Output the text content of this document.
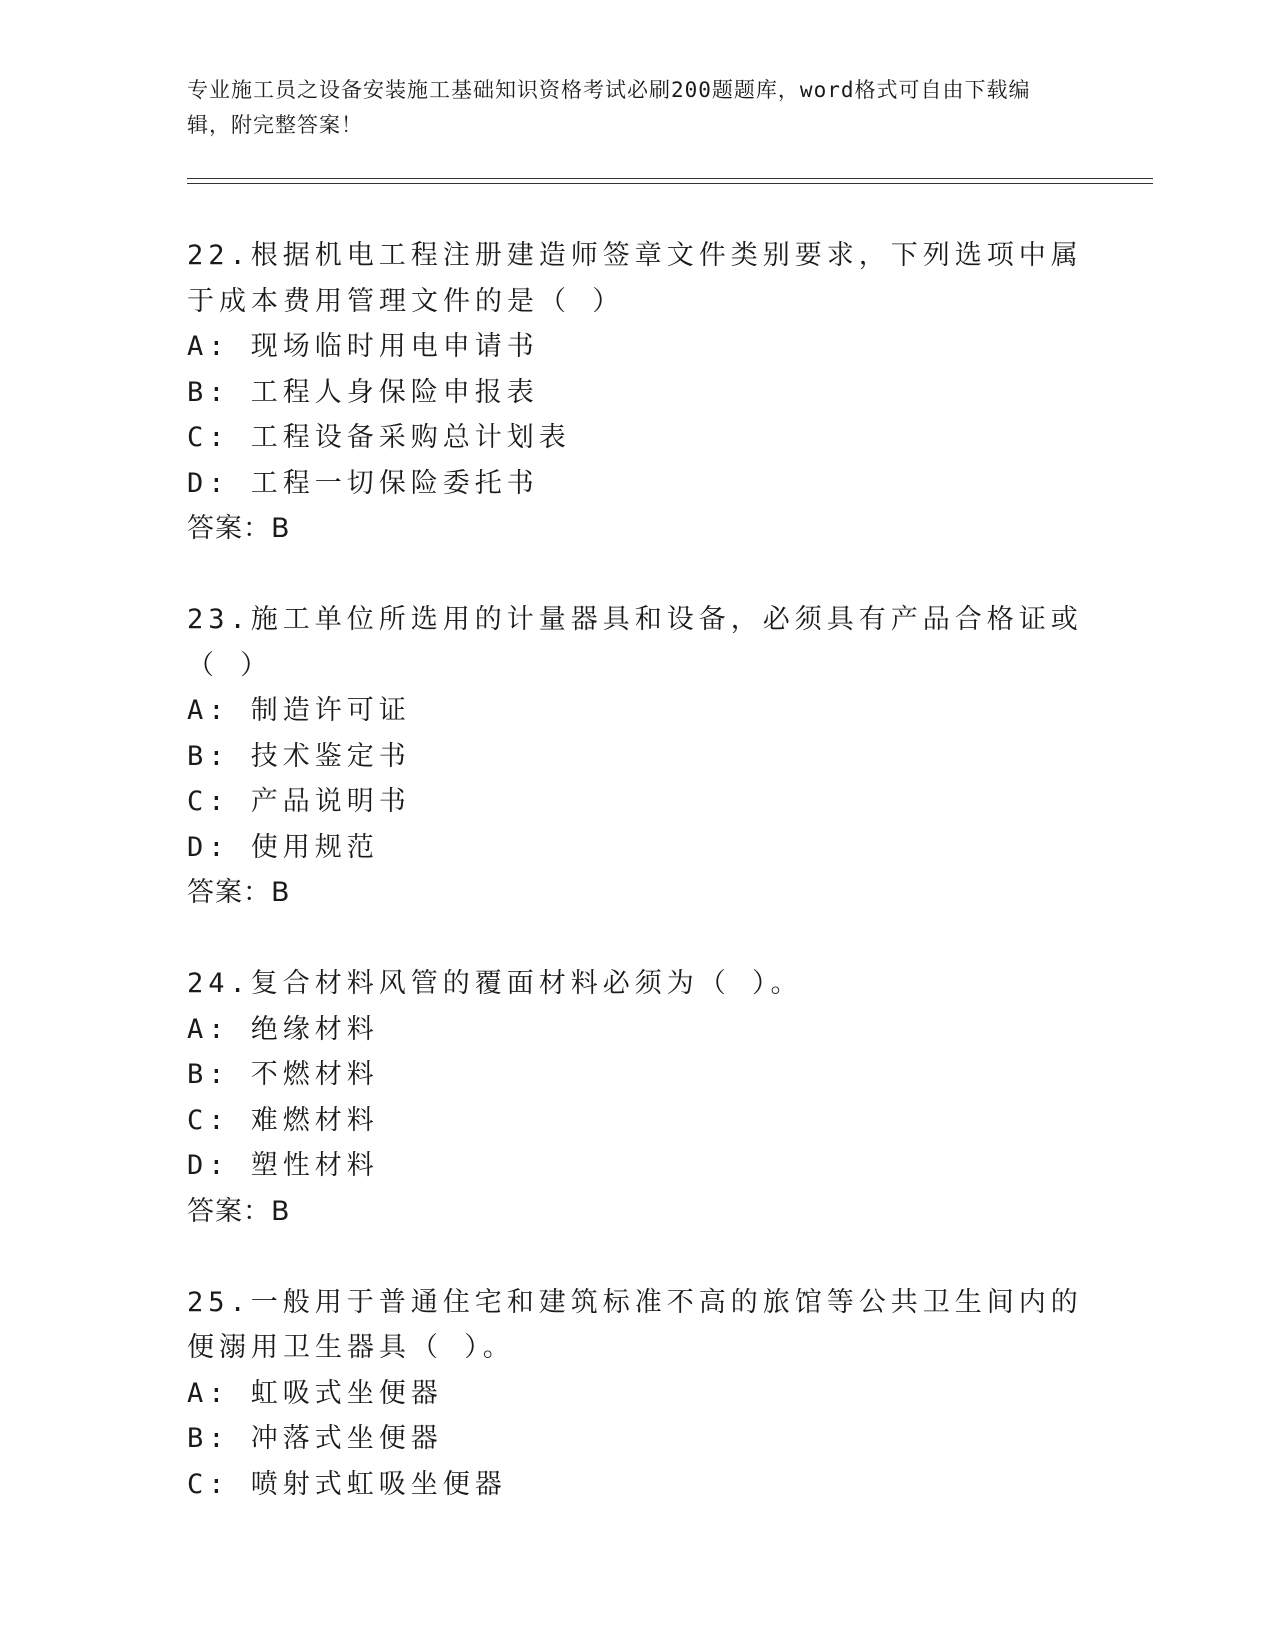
专业施工员之设备安装施工基础知识资格考试必刷200题题库，word格式可自由下载编辑，附完整答案！
22.根据机电工程注册建造师签章文件类别要求，下列选项中属于成本费用管理文件的是（ ）
A: 现场临时用电申请书
B: 工程人身保险申报表
C: 工程设备采购总计划表
D: 工程一切保险委托书
答案：B
23.施工单位所选用的计量器具和设备，必须具有产品合格证或（ ）
A: 制造许可证
B: 技术鉴定书
C: 产品说明书
D: 使用规范
答案：B
24.复合材料风管的覆面材料必须为（ ）。
A: 绝缘材料
B: 不燃材料
C: 难燃材料
D: 塑性材料
答案：B
25.一般用于普通住宅和建筑标准不高的旅馆等公共卫生间内的便溺用卫生器具（ ）。
A: 虹吸式坐便器
B: 冲落式坐便器
C: 喷射式虹吸坐便器
